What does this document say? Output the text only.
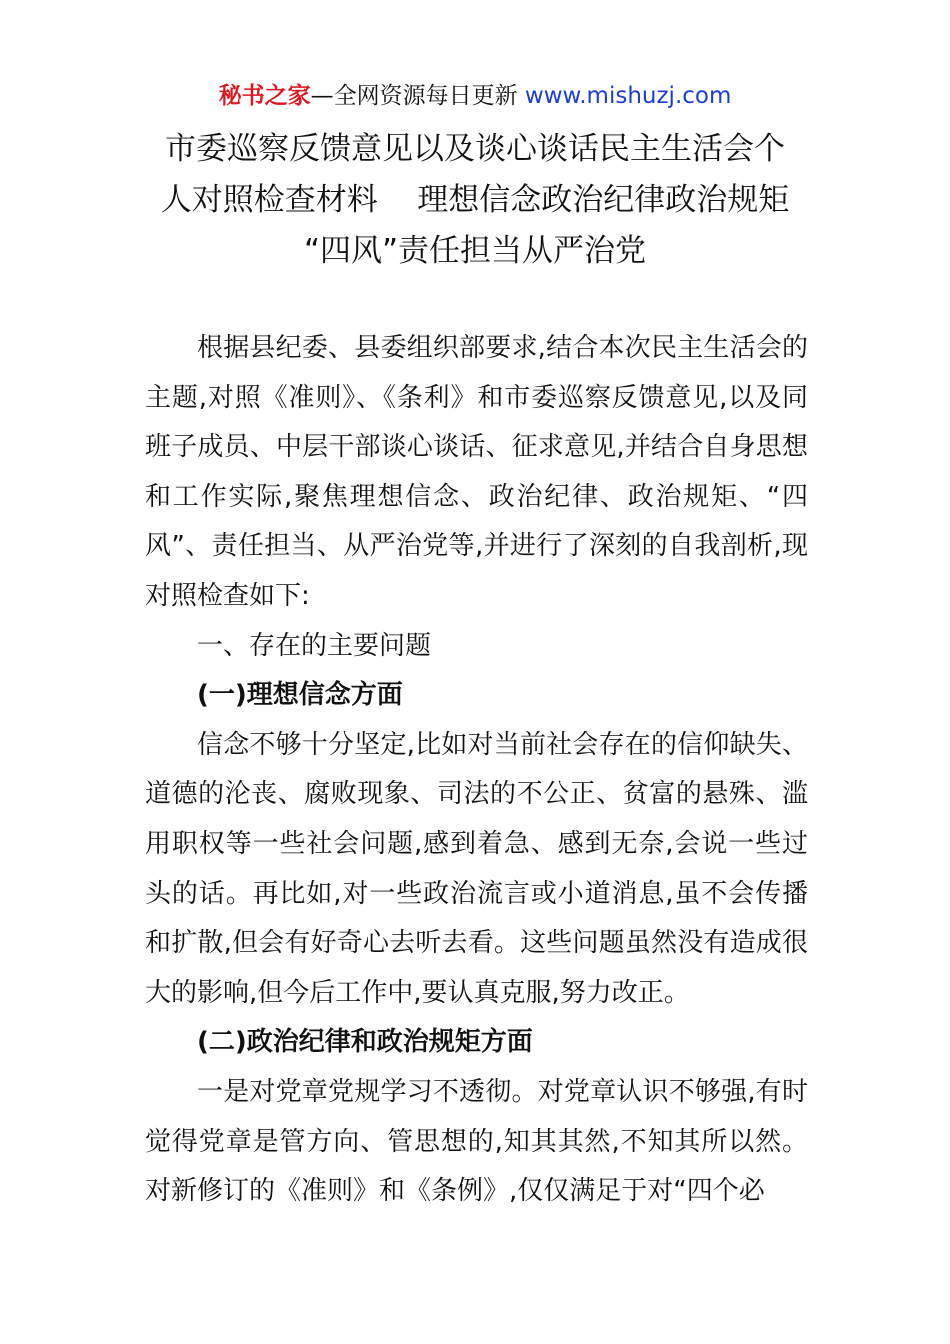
秘书之家—全网资源每日更新 www.mishuzj.com
市委巡察反馈意见以及谈心谈话民主生活会个
人对照检查材料    理想信念政治纪律政治规矩
“四风”责任担当从严治党

根据县纪委、县委组织部要求,结合本次民主生活会的主题,对照《准则》、《条利》和市委巡察反馈意见,以及同班子成员、中层干部谈心谈话、征求意见,并结合自身思想和工作实际,聚焦理想信念、政治纪律、政治规矩、“四风”、责任担当、从严治党等,并进行了深刻的自我剖析,现对照检查如下:

一、存在的主要问题

(一)理想信念方面

信念不够十分坚定,比如对当前社会存在的信仰缺失、道德的沦丧、腐败现象、司法的不公正、贫富的悬殊、滥用职权等一些社会问题,感到着急、感到无奈,会说一些过头的话。再比如,对一些政治流言或小道消息,虽不会传播和扩散,但会有好奇心去听去看。这些问题虽然没有造成很大的影响,但今后工作中,要认真克服,努力改正。

(二)政治纪律和政治规矩方面

一是对党章党规学习不透彻。对党章认识不够强,有时觉得党章是管方向、管思想的,知其其然,不知其所以然。对新修订的《准则》和《条例》,仅仅满足于对“四个必
